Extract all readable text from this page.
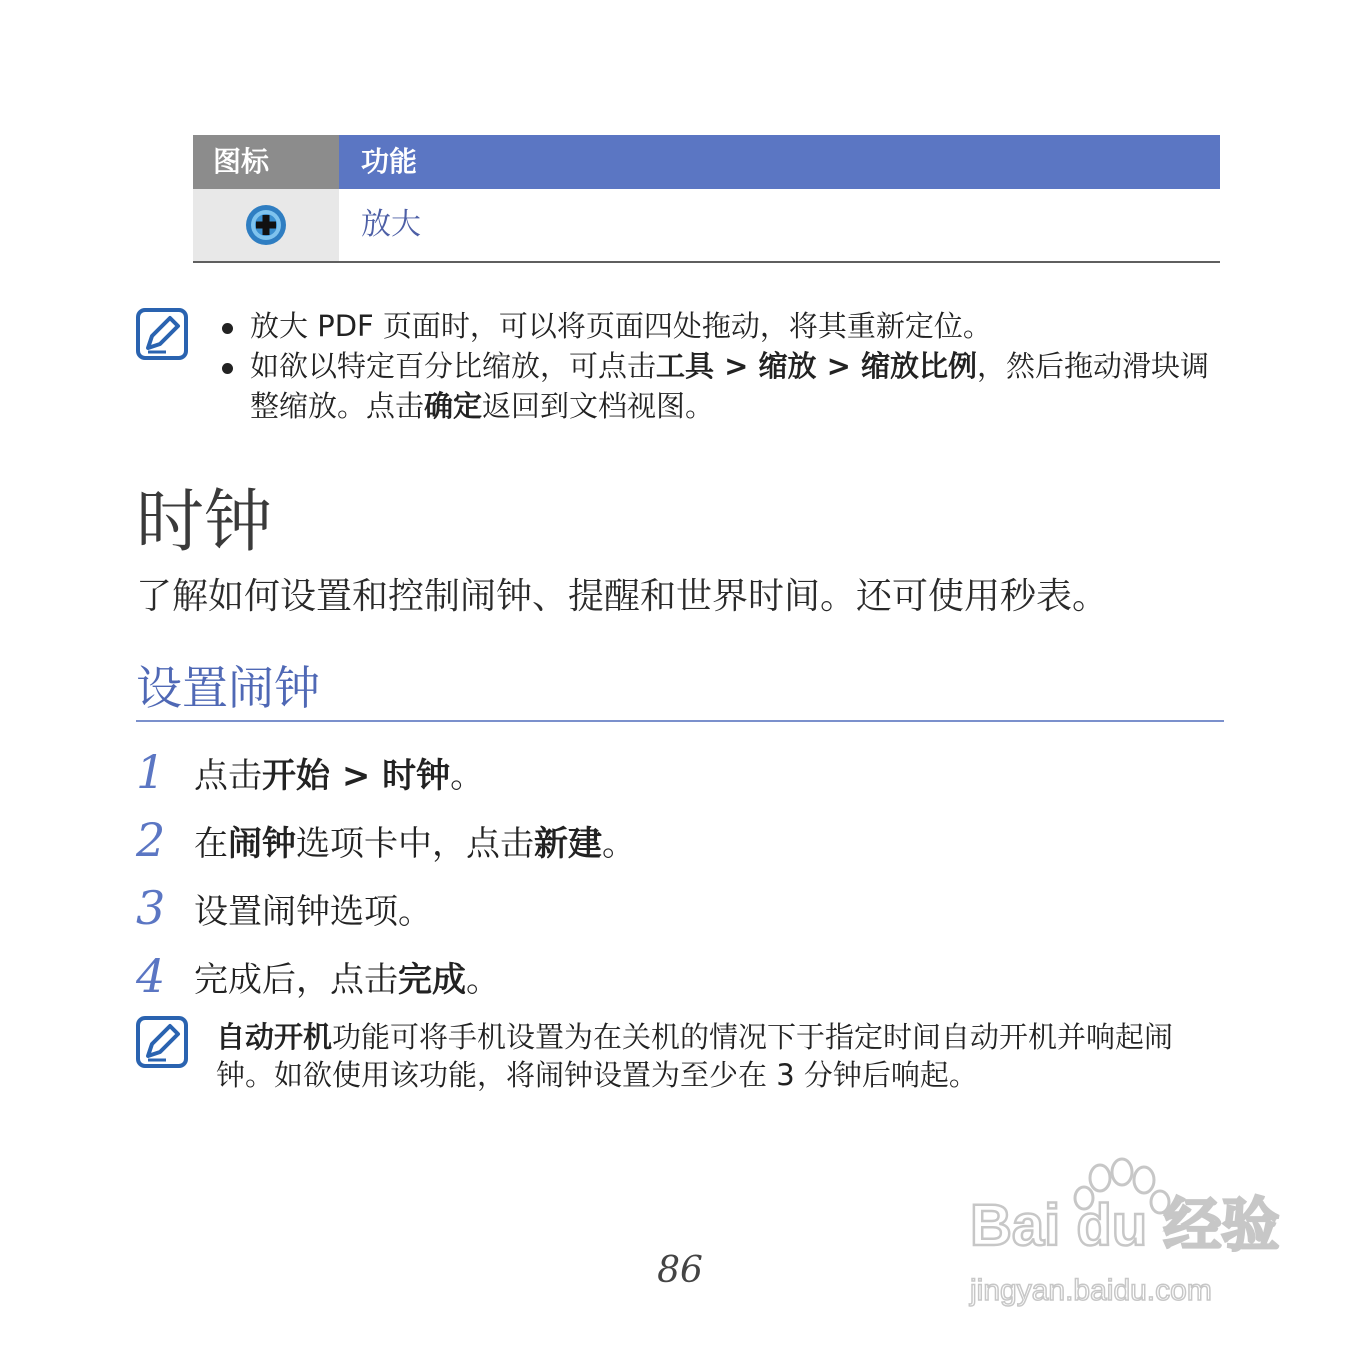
图标	功能
放大
放大 PDF 页面时，可以将页面四处拖动，将其重新定位。
如欲以特定百分比缩放，可点击工具 > 缩放 > 缩放比例，然后拖动滑块调整缩放。点击确定返回到文档视图。
时钟
了解如何设置和控制闹钟、提醒和世界时间。还可使用秒表。
设置闹钟
1 点击开始 > 时钟。
2 在闹钟选项卡中，点击新建。
3 设置闹钟选项。
4 完成后，点击完成。
自动开机功能可将手机设置为在关机的情况下于指定时间自动开机并响起闹钟。如欲使用该功能，将闹钟设置为至少在 3 分钟后响起。
86
Bai du 经验
jingyan.baidu.com
